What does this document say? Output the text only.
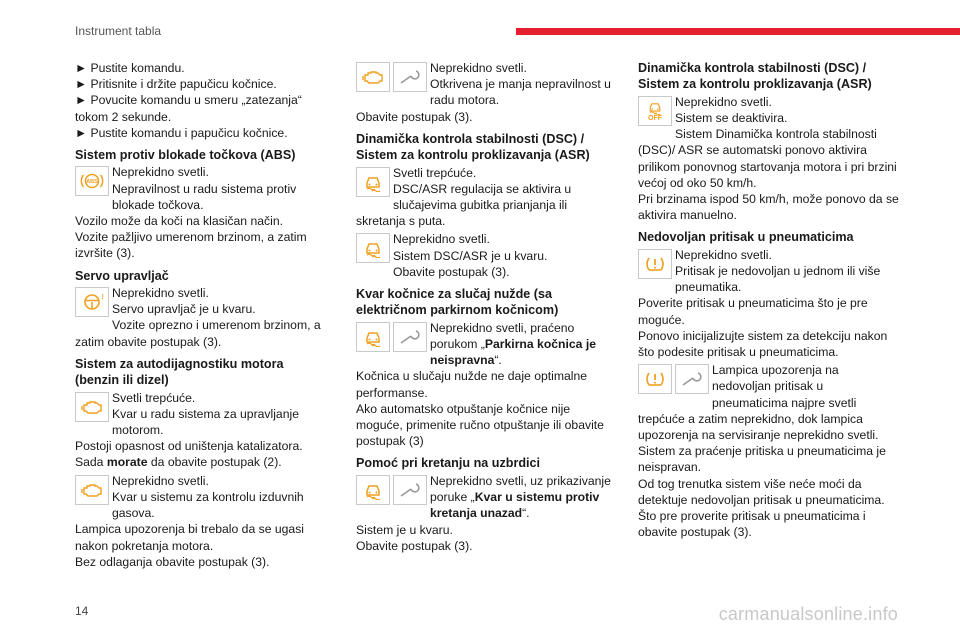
Instrument tabla

► Pustite komandu.

► Pritisnite i držite papučicu kočnice.

► Povucite komandu u smeru „zatezanja“ tokom 2 sekunde.

► Pustite komandu i papučicu kočnice.

Sistem protiv blokade točkova (ABS)
Neprekidno svetli.
Nepravilnost u radu sistema protiv blokade točkova.
Vozilo može da koči na klasičan način.
Vozite pažljivo umerenom brzinom, a zatim izvršite (3).
Servo upravljač
Neprekidno svetli.
Servo upravljač je u kvaru.
Vozite oprezno i umerenom brzinom, a zatim obavite postupak (3).
Sistem za autodijagnostiku motora (benzin ili dizel)
Svetli trepćuće.
Kvar u radu sistema za upravljanje motorom.
Postoji opasnost od uništenja katalizatora.
Sada morate da obavite postupak (2).
Neprekidno svetli.
Kvar u sistemu za kontrolu izduvnih gasova.
Lampica upozorenja bi trebalo da se ugasi nakon pokretanja motora.
Bez odlaganja obavite postupak (3).
Neprekidno svetli.
Otkrivena je manja nepravilnost u radu motora.
Obavite postupak (3).
Dinamička kontrola stabilnosti (DSC) / Sistem za kontrolu proklizavanja (ASR)
Svetli trepćuće.
DSC/ASR regulacija se aktivira u slučajevima gubitka prianjanja ili skretanja s puta.
Neprekidno svetli.
Sistem DSC/ASR je u kvaru.
Obavite postupak (3).
Kvar kočnice za slučaj nužde (sa električnom parkirnom kočnicom)
Neprekidno svetli, praćeno porukom „Parkirna kočnica je neispravna“.
Kočnica u slučaju nužde ne daje optimalne performanse.
Ako automatsko otpuštanje kočnice nije moguće, primenite ručno otpuštanje ili obavite postupak (3)
Pomoć pri kretanju na uzbrdici
Neprekidno svetli, uz prikazivanje poruke „Kvar u sistemu protiv kretanja unazad“.
Sistem je u kvaru.
Obavite postupak (3).
Dinamička kontrola stabilnosti (DSC) / Sistem za kontrolu proklizavanja (ASR)
OFF
Neprekidno svetli.
Sistem se deaktivira.
Sistem Dinamička kontrola stabilnosti (DSC)/ ASR se automatski ponovo aktivira prilikom ponovnog startovanja motora i pri brzini većoj od oko 50 km/h.
Pri brzinama ispod 50 km/h, može ponovo da se aktivira manuelno.
Nedovoljan pritisak u pneumaticima
Neprekidno svetli.
Pritisak je nedovoljan u jednom ili više pneumatika.
Poverite pritisak u pneumaticima što je pre moguće.
Ponovo inicijalizujte sistem za detekciju nakon što podesite pritisak u pneumaticima.
Lampica upozorenja na nedovoljan pritisak u pneumaticima najpre svetli trepćuće a zatim neprekidno, dok lampica upozorenja na servisiranje neprekidno svetli.
Sistem za praćenje pritiska u pneumaticima je neispravan.
Od tog trenutka sistem više neće moći da detektuje nedovoljan pritisak u pneumaticima.
Što pre proverite pritisak u pneumaticima i obavite postupak (3).
14	carmanualsonline.info
